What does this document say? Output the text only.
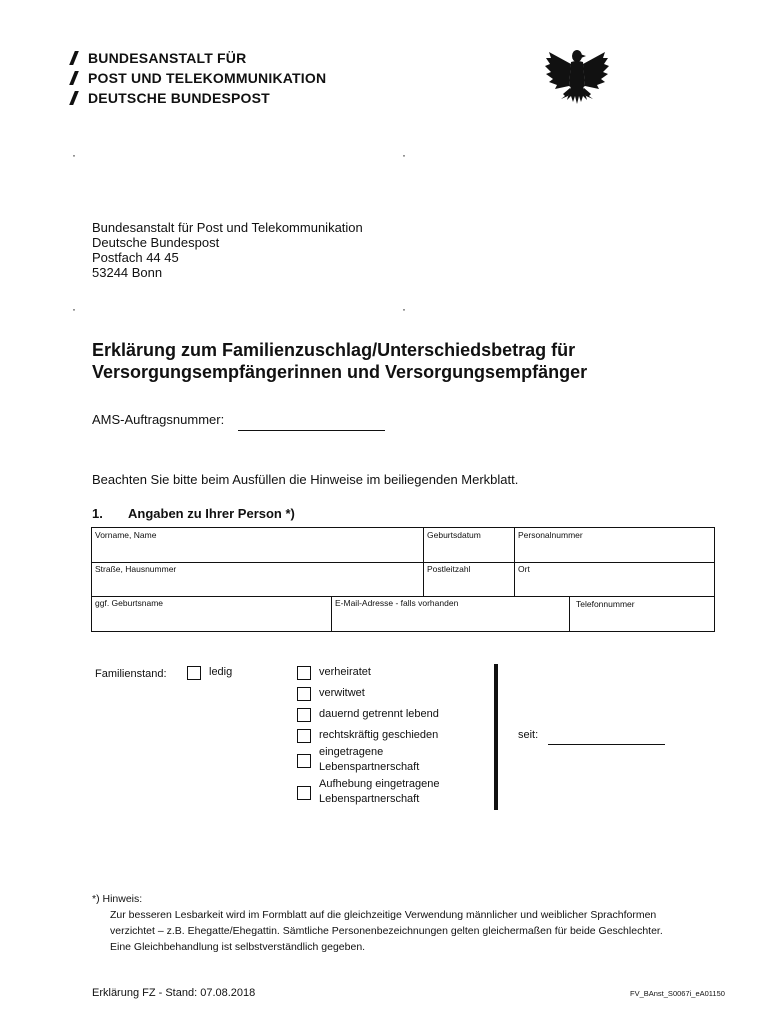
BUNDESANSTALT FÜR
POST UND TELEKOMMUNIKATION
DEUTSCHE BUNDESPOST
·	·
·	·
Bundesanstalt für Post und Telekommunikation
Deutsche Bundespost
Postfach 44 45
53244 Bonn
Erklärung zum Familienzuschlag/Unterschiedsbetrag für
Versorgungsempfängerinnen und Versorgungsempfänger
AMS-Auftragsnummer:
Beachten Sie bitte beim Ausfüllen die Hinweise im beiliegenden Merkblatt.
1. Angaben zu Ihrer Person *)
Vorname, Name	Geburtsdatum	Personalnummer
Straße, Hausnummer	Postleitzahl	Ort
ggf. Geburtsname	E-Mail-Adresse - falls vorhanden	Telefonnummer
Familienstand:	ledig	verheiratet
verwitwet
dauernd getrennt lebend
rechtskräftig geschieden
eingetragene
Lebenspartnerschaft
Aufhebung eingetragene
Lebenspartnerschaft
seit:
*) Hinweis:
Zur besseren Lesbarkeit wird im Formblatt auf die gleichzeitige Verwendung männlicher und weiblicher Sprachformen
verzichtet – z.B. Ehegatte/Ehegattin. Sämtliche Personenbezeichnungen gelten gleichermaßen für beide Geschlechter.
Eine Gleichbehandlung ist selbstverständlich gegeben.
Erklärung FZ - Stand: 07.08.2018	FV_BAnst_S0067i_eA01150
